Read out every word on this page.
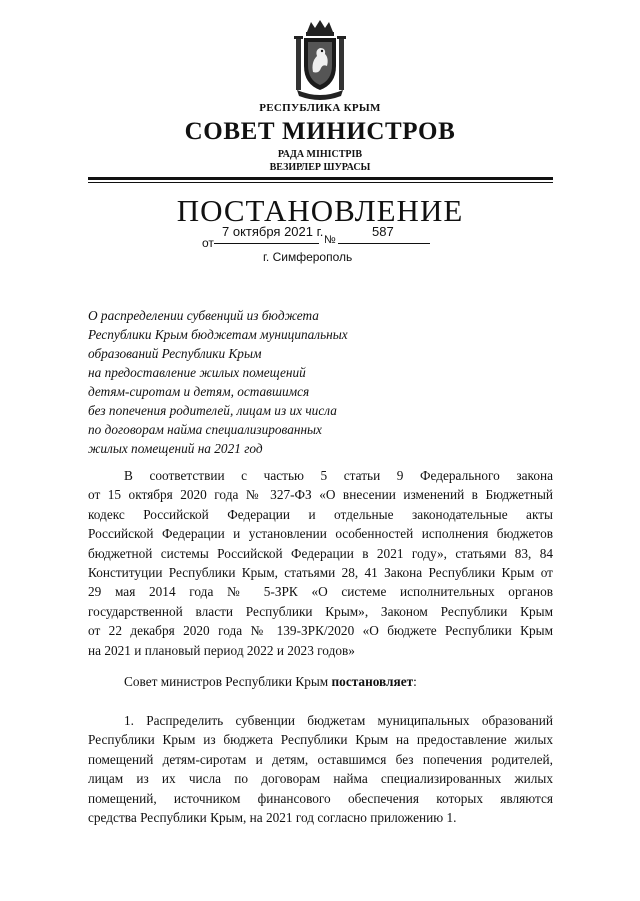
РЕСПУБЛИКА КРЫМ
СОВЕТ МИНИСТРОВ
РАДА МІНІСТРІВ
ВЕЗИРЛЕР ШУРАСЫ
ПОСТАНОВЛЕНИЕ
от
7 октября 2021 г.
№
587
г. Симферополь
О распределении субвенций из бюджета
Республики Крым бюджетам муниципальных
образований Республики Крым
на предоставление жилых помещений
детям-сиротам и детям, оставшимся
без попечения родителей, лицам из их числа
по договорам найма специализированных
жилых помещений на 2021 год
В соответствии с частью 5 статьи 9 Федерального закона
от 15 октября 2020 года № 327-ФЗ «О внесении изменений в Бюджетный
кодекс Российской Федерации и отдельные законодательные акты
Российской Федерации и установлении особенностей исполнения бюджетов
бюджетной системы Российской Федерации в 2021 году», статьями 83, 84
Конституции Республики Крым, статьями 28, 41 Закона Республики Крым от
29 мая 2014 года № 5-ЗРК «О системе исполнительных органов
государственной власти Республики Крым», Законом Республики Крым
от 22 декабря 2020 года № 139-ЗРК/2020 «О бюджете Республики Крым
на 2021 и плановый период 2022 и 2023 годов»
Совет министров Республики Крым постановляет:
1. Распределить субвенции бюджетам муниципальных образований
Республики Крым из бюджета Республики Крым на предоставление жилых
помещений детям-сиротам и детям, оставшимся без попечения родителей,
лицам из их числа по договорам найма специализированных жилых
помещений, источником финансового обеспечения которых являются
средства Республики Крым, на 2021 год согласно приложению 1.
